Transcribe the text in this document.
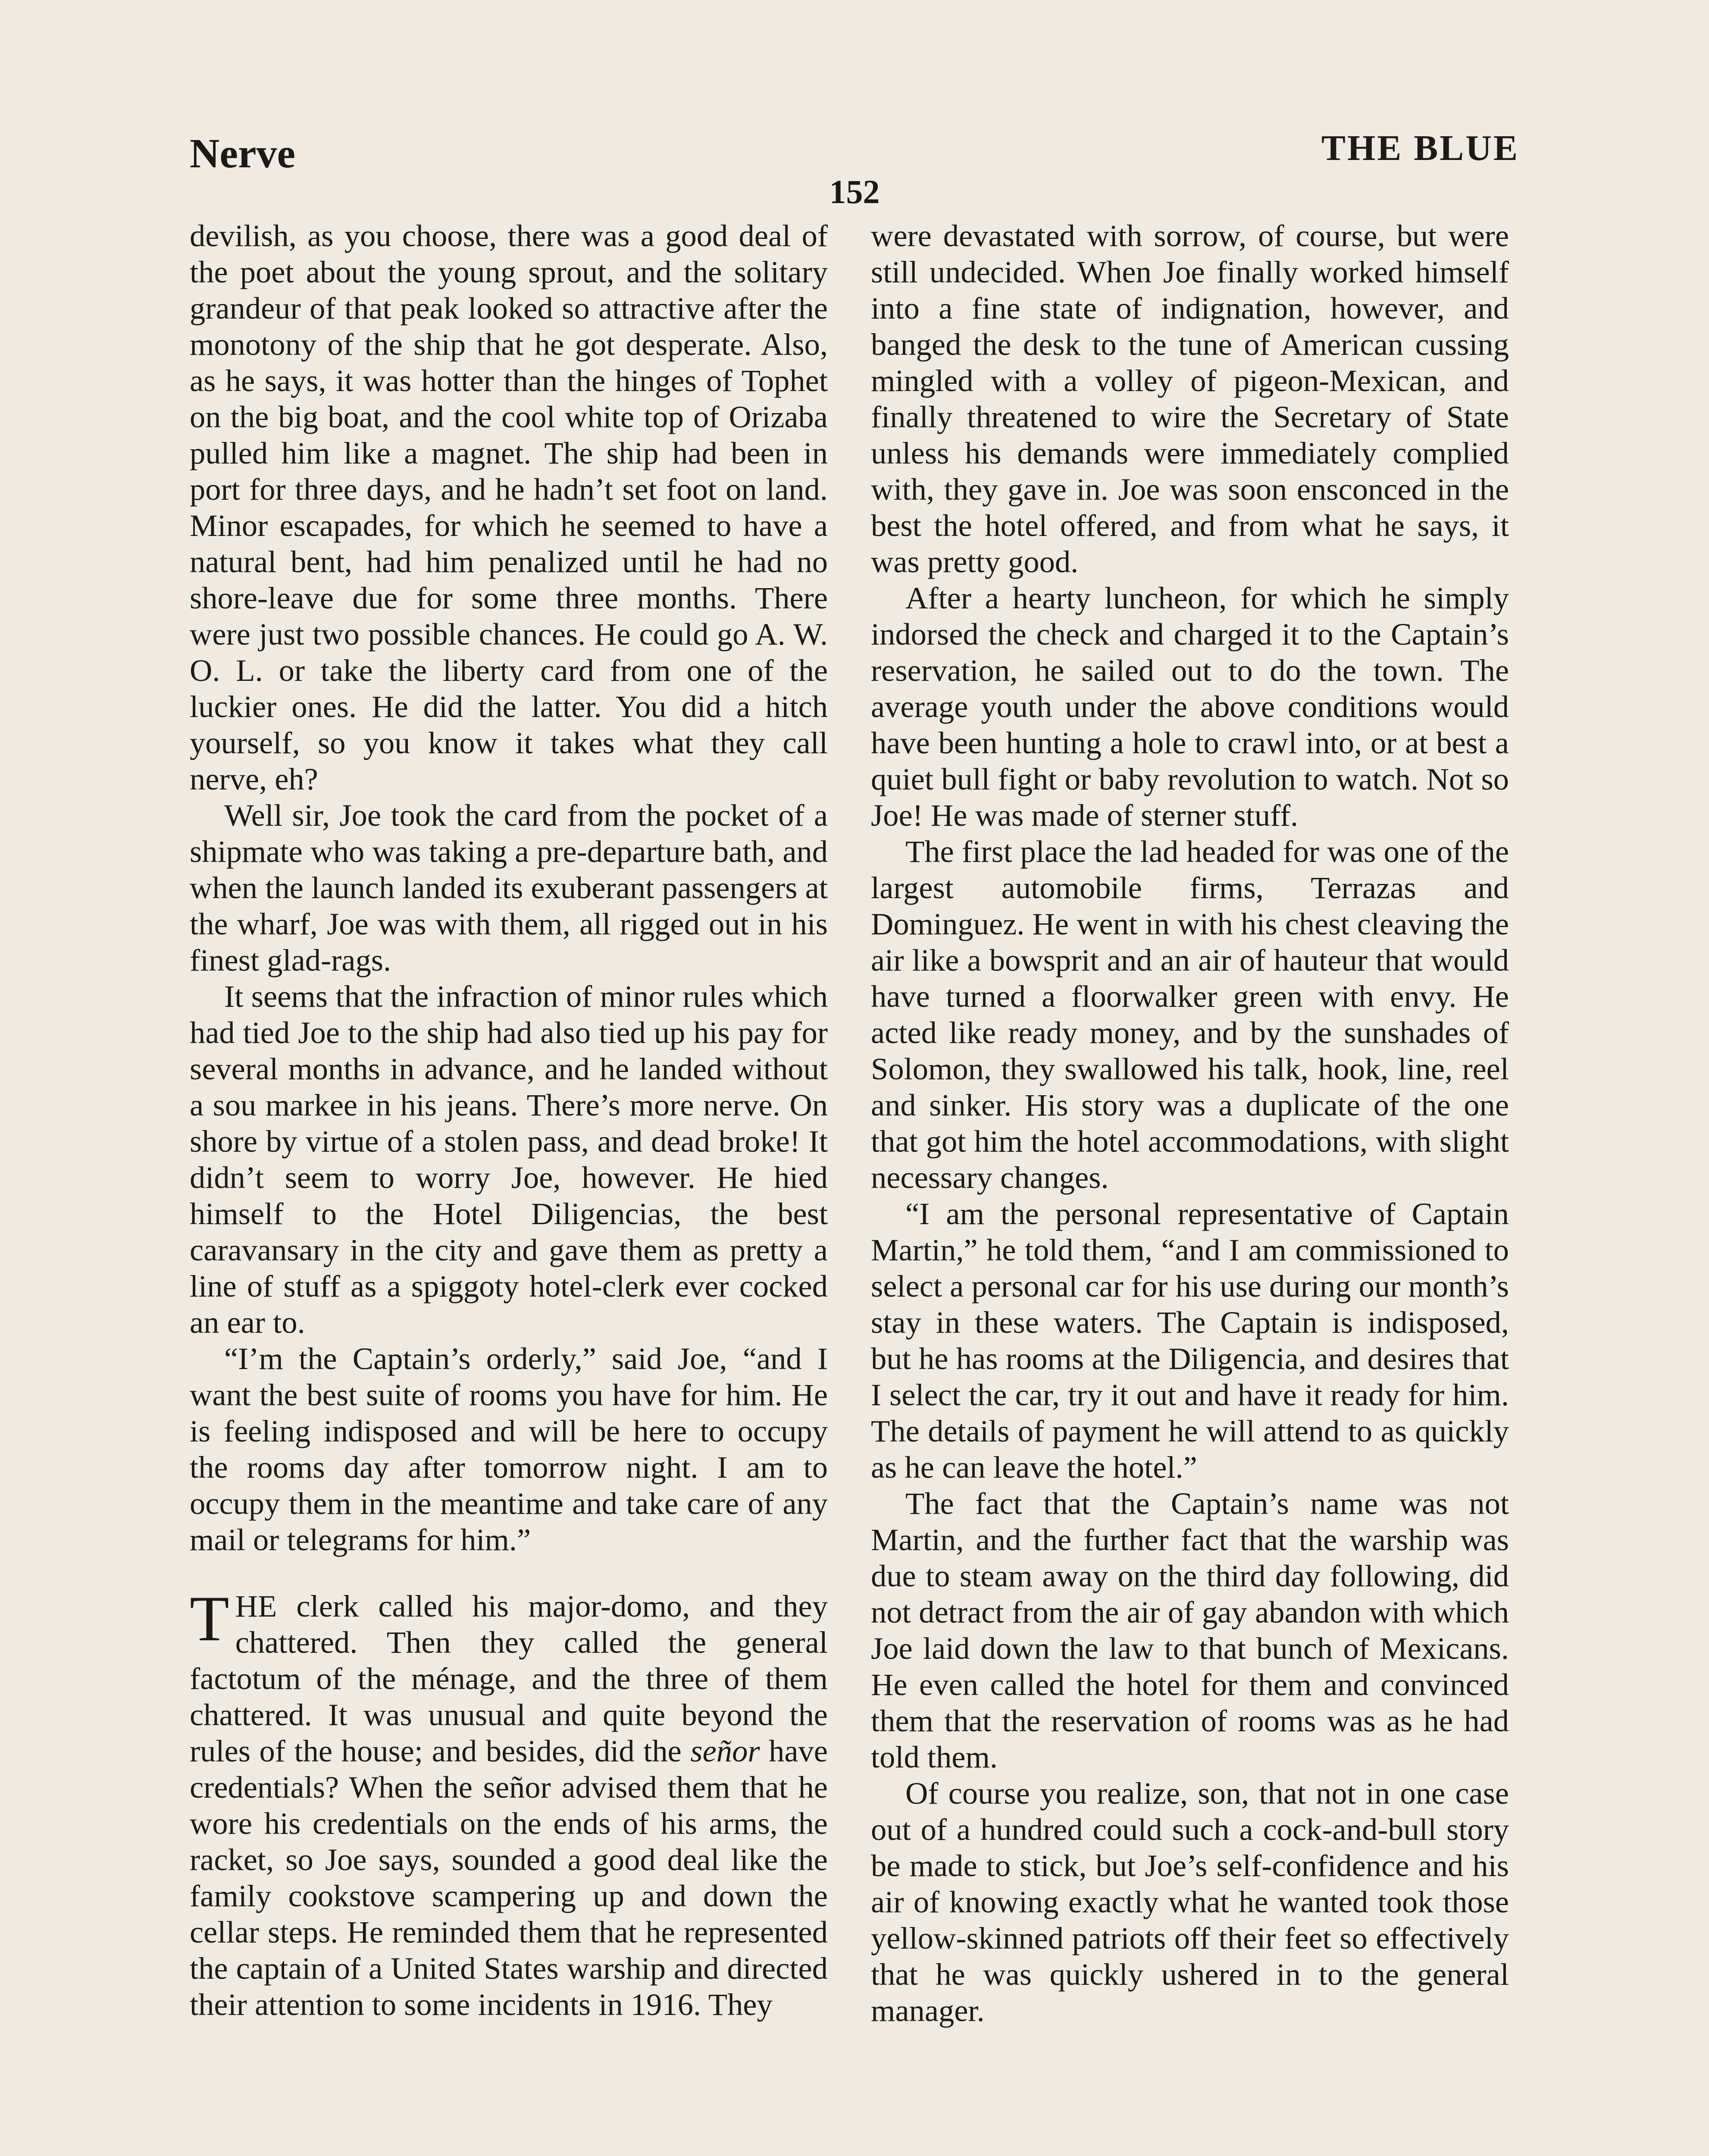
Nerve	THE BLUE
152

devilish, as you choose, there was a good deal of the poet about the young sprout, and the solitary grandeur of that peak looked so attractive after the monotony of the ship that he got desperate. Also, as he says, it was hotter than the hinges of Tophet on the big boat, and the cool white top of Orizaba pulled him like a magnet. The ship had been in port for three days, and he hadn’t set foot on land. Minor escapades, for which he seemed to have a natural bent, had him penalized until he had no shore-leave due for some three months. There were just two possible chances. He could go A. W. O. L. or take the liberty card from one of the luckier ones. He did the latter. You did a hitch yourself, so you know it takes what they call nerve, eh?

Well sir, Joe took the card from the pocket of a shipmate who was taking a pre-departure bath, and when the launch landed its exuberant passengers at the wharf, Joe was with them, all rigged out in his finest glad-rags.

It seems that the infraction of minor rules which had tied Joe to the ship had also tied up his pay for several months in advance, and he landed without a sou markee in his jeans. There’s more nerve. On shore by virtue of a stolen pass, and dead broke! It didn’t seem to worry Joe, however. He hied himself to the Hotel Diligencias, the best caravansary in the city and gave them as pretty a line of stuff as a spiggoty hotel-clerk ever cocked an ear to.

“I’m the Captain’s orderly,” said Joe, “and I want the best suite of rooms you have for him. He is feeling indisposed and will be here to occupy the rooms day after tomorrow night. I am to occupy them in the meantime and take care of any mail or telegrams for him.”

THE clerk called his major-domo, and they chattered. Then they called the general factotum of the ménage, and the three of them chattered. It was unusual and quite beyond the rules of the house; and besides, did the señor have credentials? When the señor advised them that he wore his credentials on the ends of his arms, the racket, so Joe says, sounded a good deal like the family cookstove scampering up and down the cellar steps. He reminded them that he represented the captain of a United States warship and directed their attention to some incidents in 1916. They

were devastated with sorrow, of course, but were still undecided. When Joe finally worked himself into a fine state of indignation, however, and banged the desk to the tune of American cussing mingled with a volley of pigeon-Mexican, and finally threatened to wire the Secretary of State unless his demands were immediately complied with, they gave in. Joe was soon ensconced in the best the hotel offered, and from what he says, it was pretty good.

After a hearty luncheon, for which he simply indorsed the check and charged it to the Captain’s reservation, he sailed out to do the town. The average youth under the above conditions would have been hunting a hole to crawl into, or at best a quiet bull fight or baby revolution to watch. Not so Joe! He was made of sterner stuff.

The first place the lad headed for was one of the largest automobile firms, Terrazas and Dominguez. He went in with his chest cleaving the air like a bowsprit and an air of hauteur that would have turned a floorwalker green with envy. He acted like ready money, and by the sunshades of Solomon, they swallowed his talk, hook, line, reel and sinker. His story was a duplicate of the one that got him the hotel accommodations, with slight necessary changes.

“I am the personal representative of Captain Martin,” he told them, “and I am commissioned to select a personal car for his use during our month’s stay in these waters. The Captain is indisposed, but he has rooms at the Diligencia, and desires that I select the car, try it out and have it ready for him. The details of payment he will attend to as quickly as he can leave the hotel.”

The fact that the Captain’s name was not Martin, and the further fact that the warship was due to steam away on the third day following, did not detract from the air of gay abandon with which Joe laid down the law to that bunch of Mexicans. He even called the hotel for them and convinced them that the reservation of rooms was as he had told them.

Of course you realize, son, that not in one case out of a hundred could such a cock-and-bull story be made to stick, but Joe’s self-confidence and his air of knowing exactly what he wanted took those yellow-skinned patriots off their feet so effectively that he was quickly ushered in to the general manager.
